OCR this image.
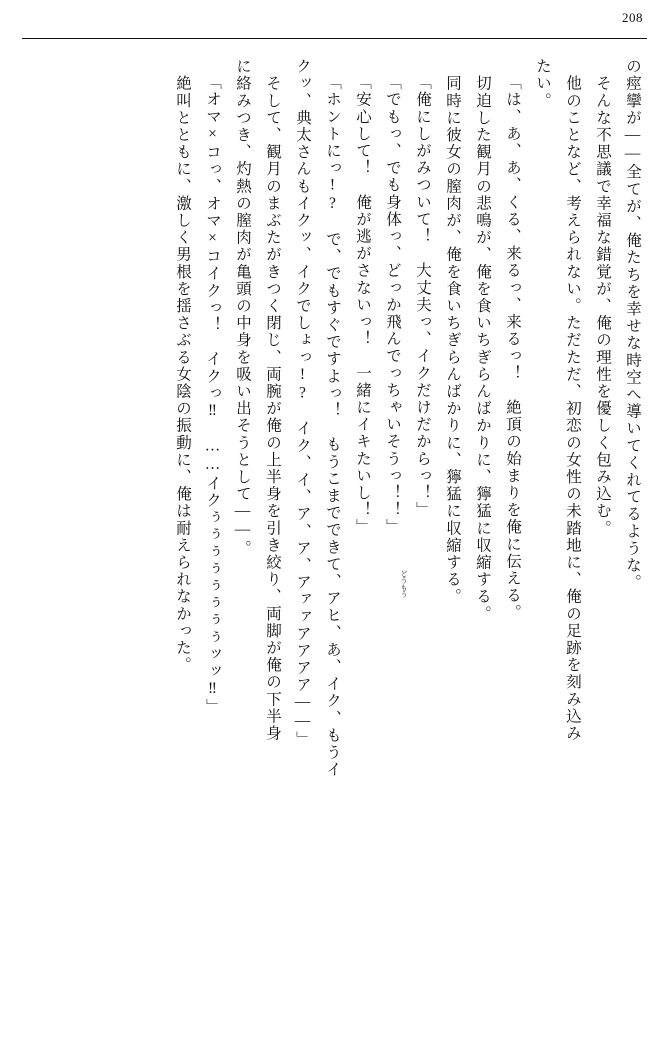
208
の痙攣が――全てが、俺たちを幸せな時空へ導いてくれてるような。
　そんな不思議で幸福な錯覚が、俺の理性を優しく包み込む。
　他のことなど、考えられない。ただただ、初恋の女性の未踏地に、俺の足跡を刻み込み
たい。
「は、あ、あ、くる、来るっ、来るっ！　絶頂の始まりを俺に伝える。
　切迫した観月の悲鳴が、俺を食いちぎらんばかりに、獰猛に収縮する。
　同時に彼女の膣肉が、俺を食いちぎらんばかりに、獰猛に収縮する。
「俺にしがみついて！　大丈夫っ、イクだけだからっ！」
「でもっ、でも身体っ、どっか飛んでっちゃいそうっ！！」
「安心して！　俺が逃がさないっ！　一緒にイキたいし！」
「ホントにっ!?　で、でもすぐですよっ！　もうこまでできて、アヒ、あ、イク、もうイ
クッ、典太さんもイクッ、イクでしょっ!?　イク、イ、ア、ア、アァァアアアア――」
　そして、観月のまぶたがきつく閉じ、両腕が俺の上半身を引き絞り、両脚が俺の下半身
に絡みつき、灼熱の膣肉が亀頭の中身を吸い出そうとして――。
「オマ×コっ、オマ×コイクっ！　イクっ‼　……イクぅぅぅぅぅぅぅぅッッ‼」
　絶叫とともに、激しく男根を揺さぶる女陰の振動に、俺は耐えられなかった。	どうもう
